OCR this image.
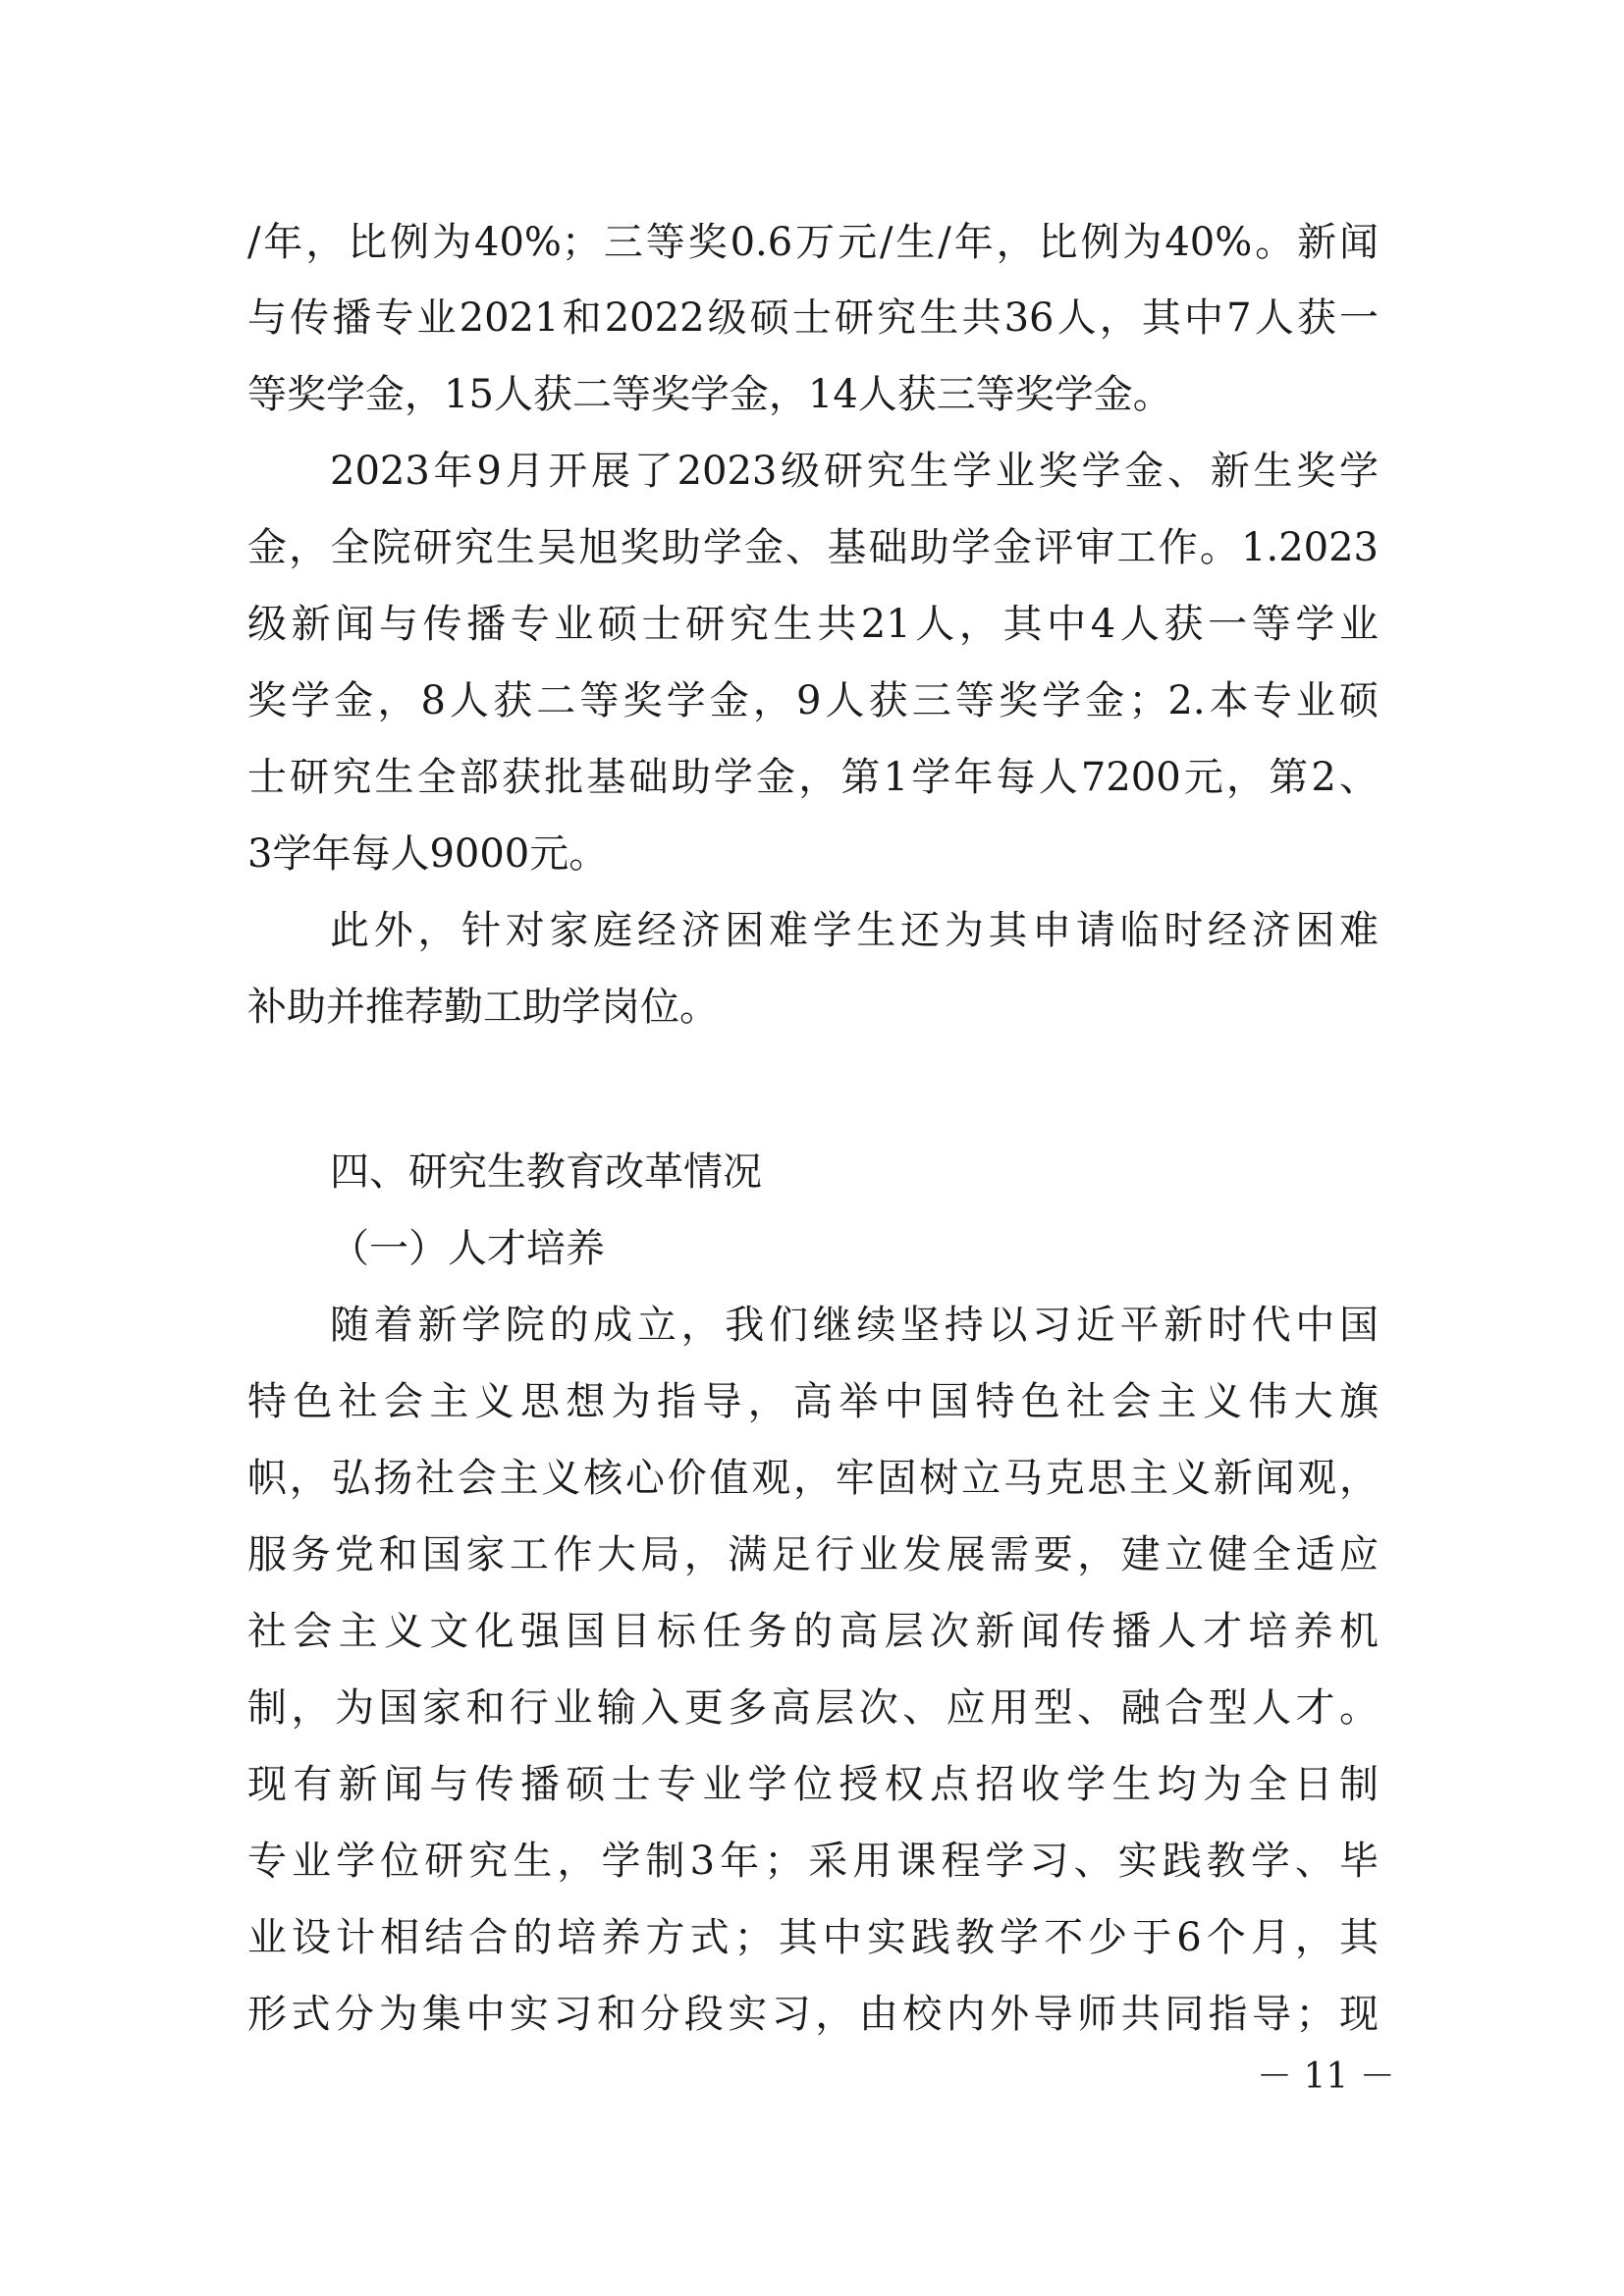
/年，比例为40%；三等奖0.6万元/生/年，比例为40%。新闻
与传播专业2021和2022级硕士研究生共36人，其中7人获一
等奖学金，15人获二等奖学金，14人获三等奖学金。
2023年9月开展了2023级研究生学业奖学金、新生奖学
金，全院研究生吴旭奖助学金、基础助学金评审工作。1.2023
级新闻与传播专业硕士研究生共21人，其中4人获一等学业
奖学金，8人获二等奖学金，9人获三等奖学金；2.本专业硕
士研究生全部获批基础助学金，第1学年每人7200元，第2、
3学年每人9000元。
此外，针对家庭经济困难学生还为其申请临时经济困难
补助并推荐勤工助学岗位。
四、研究生教育改革情况
（一）人才培养
随着新学院的成立，我们继续坚持以习近平新时代中国
特色社会主义思想为指导，高举中国特色社会主义伟大旗
帜，弘扬社会主义核心价值观，牢固树立马克思主义新闻观，
服务党和国家工作大局，满足行业发展需要，建立健全适应
社会主义文化强国目标任务的高层次新闻传播人才培养机
制，为国家和行业输入更多高层次、应用型、融合型人才。
现有新闻与传播硕士专业学位授权点招收学生均为全日制
专业学位研究生，学制3年；采用课程学习、实践教学、毕
业设计相结合的培养方式；其中实践教学不少于6个月，其
形式分为集中实习和分段实习，由校内外导师共同指导；现
－ 11 －
